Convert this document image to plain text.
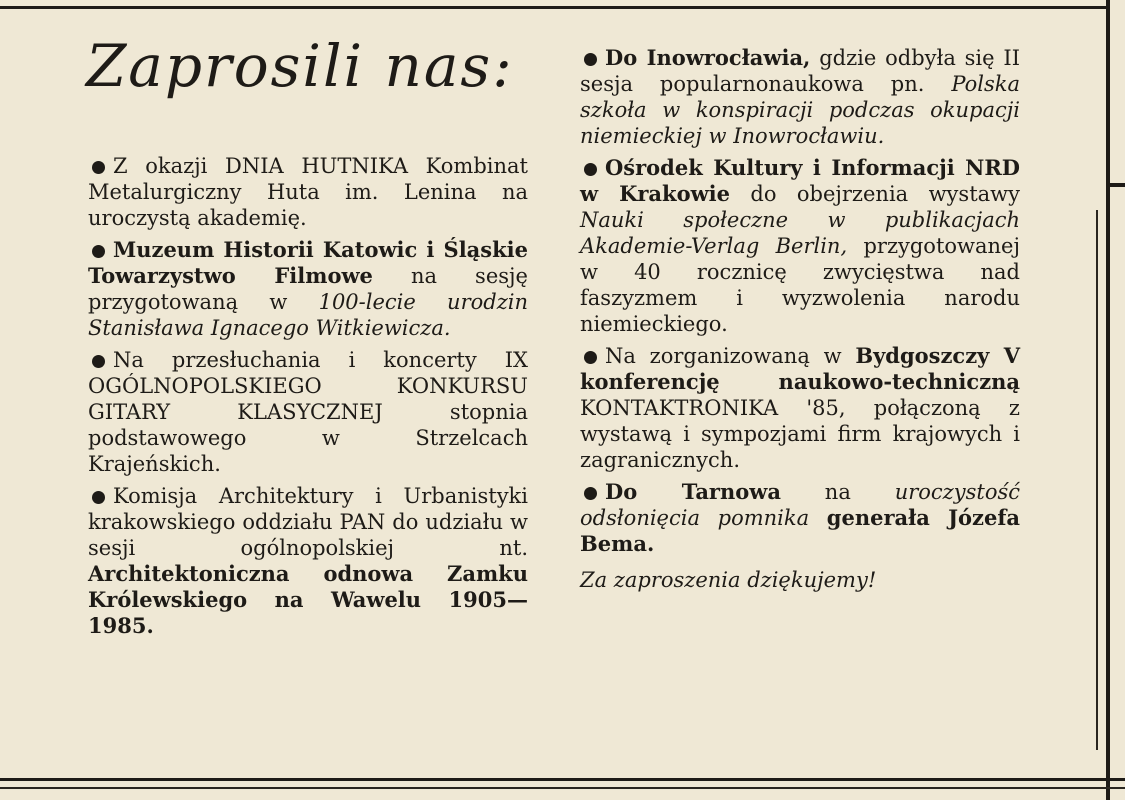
Zaprosili nas:

Z okazji DNIA HUTNIKA Kombinat Metalurgiczny Huta im. Lenina na uroczystą akademię.

Muzeum Historii Katowic i Śląskie Towarzystwo Filmowe na sesję przygotowaną w 100-lecie urodzin Stanisława Ignacego Witkiewicza.

Na przesłuchania i koncerty IX OGÓLNOPOLSKIEGO KONKURSU GITARY KLASYCZNEJ stopnia podstawowego w Strzelcach Krajeńskich.

Komisja Architektury i Urbanistyki krakowskiego oddziału PAN do udziału w sesji ogólnopolskiej nt. Architektoniczna odnowa Zamku Królewskiego na Wawelu 1905—1985.

Do Inowrocławia, gdzie odbyła się II sesja popularnonaukowa pn. Polska szkoła w konspiracji podczas okupacji niemieckiej w Inowrocławiu.

Ośrodek Kultury i Informacji NRD w Krakowie do obejrzenia wystawy Nauki społeczne w publikacjach Akademie-Verlag Berlin, przygotowanej w 40 rocznicę zwycięstwa nad faszyzmem i wyzwolenia narodu niemieckiego.

Na zorganizowaną w Bydgoszczy V konferencję naukowo-techniczną KONTAKTRONIKA '85, połączoną z wystawą i sympozjami firm krajowych i zagranicznych.

Do Tarnowa na uroczystość odsłonięcia pomnika generała Józefa Bema.

Za zaproszenia dziękujemy!
